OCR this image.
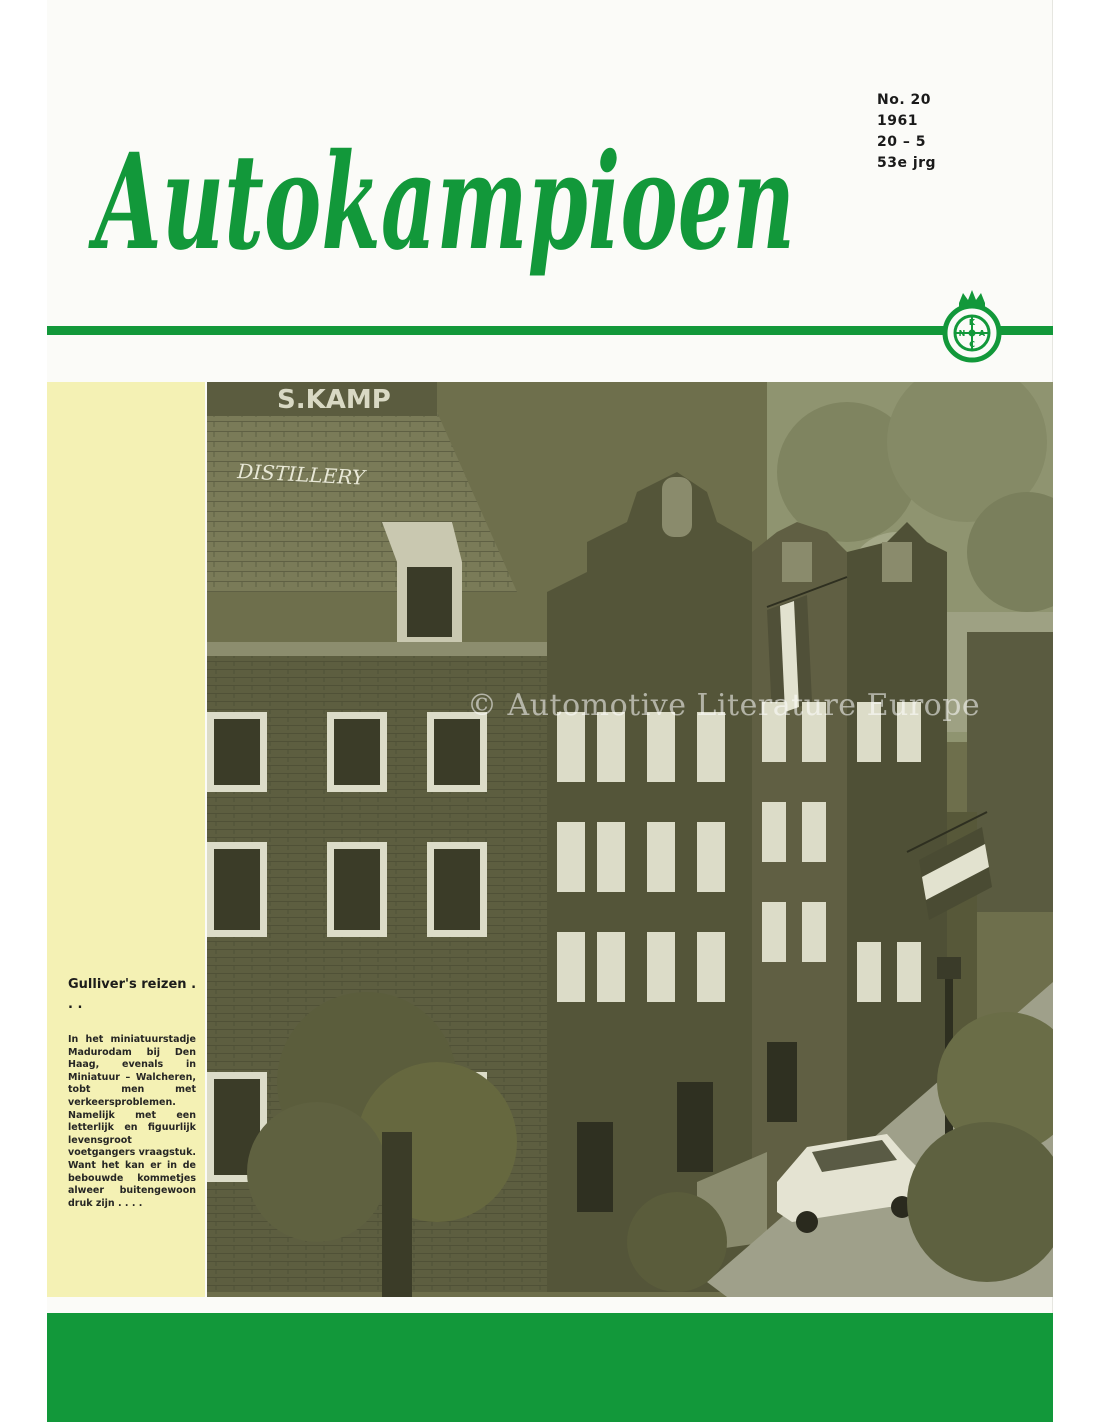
Autokampioen
No. 20
1961
20 – 5
53e jrg
K
N A
C
Gulliver's reizen . . .
In het miniatuurstadje Madurodam bij Den Haag, evenals in Miniatuur – Walcheren, tobt men met verkeersproblemen. Namelijk met een letterlijk en figuurlijk levensgroot voetgangers vraagstuk. Want het kan er in de bebouwde kommetjes alweer buitengewoon druk zijn . . . .
S.KAMP
DISTILLERY
© Automotive Literature Europe
